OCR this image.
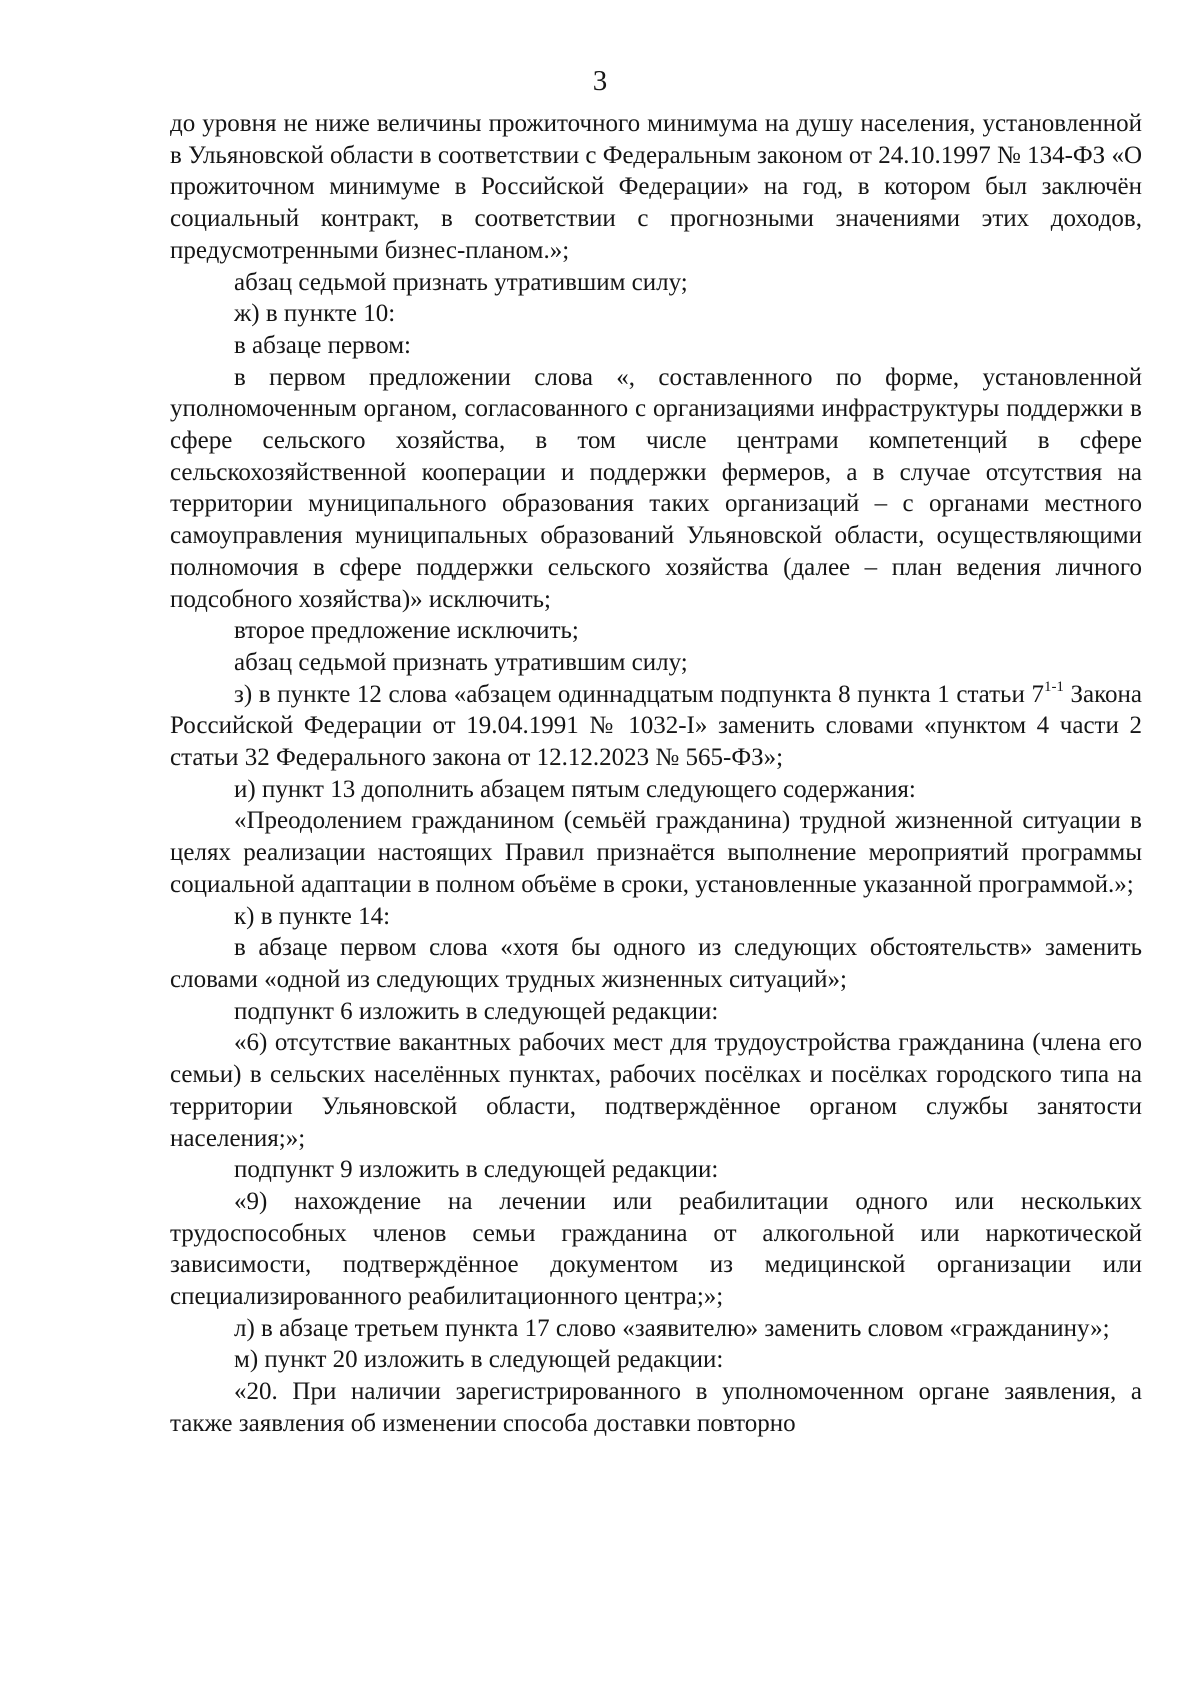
3

до уровня не ниже величины прожиточного минимума на душу населения, установленной в Ульяновской области в соответствии с Федеральным законом от 24.10.1997 № 134-ФЗ «О прожиточном минимуме в Российской Федерации» на год, в котором был заключён социальный контракт, в соответствии с прогнозными значениями этих доходов, предусмотренными бизнес-планом.»;

абзац седьмой признать утратившим силу;

ж) в пункте 10:

в абзаце первом:

в первом предложении слова «, составленного по форме, установленной уполномоченным органом, согласованного с организациями инфраструктуры поддержки в сфере сельского хозяйства, в том числе центрами компетенций в сфере сельскохозяйственной кооперации и поддержки фермеров, а в случае отсутствия на территории муниципального образования таких организаций – с органами местного самоуправления муниципальных образований Ульяновской области, осуществляющими полномочия в сфере поддержки сельского хозяйства (далее – план ведения личного подсобного хозяйства)» исключить;

второе предложение исключить;

абзац седьмой признать утратившим силу;

з) в пункте 12 слова «абзацем одиннадцатым подпункта 8 пункта 1 статьи 7$^{1-1}$ Закона Российской Федерации от 19.04.1991 № 1032-I» заменить словами «пунктом 4 части 2 статьи 32 Федерального закона от 12.12.2023 № 565-ФЗ»;

и) пункт 13 дополнить абзацем пятым следующего содержания:

«Преодолением гражданином (семьёй гражданина) трудной жизненной ситуации в целях реализации настоящих Правил признаётся выполнение мероприятий программы социальной адаптации в полном объёме в сроки, установленные указанной программой.»;

к) в пункте 14:

в абзаце первом слова «хотя бы одного из следующих обстоятельств» заменить словами «одной из следующих трудных жизненных ситуаций»;

подпункт 6 изложить в следующей редакции:

«6) отсутствие вакантных рабочих мест для трудоустройства гражданина (члена его семьи) в сельских населённых пунктах, рабочих посёлках и посёлках городского типа на территории Ульяновской области, подтверждённое органом службы занятости населения;»;

подпункт 9 изложить в следующей редакции:

«9) нахождение на лечении или реабилитации одного или нескольких трудоспособных членов семьи гражданина от алкогольной или наркотической зависимости, подтверждённое документом из медицинской организации или специализированного реабилитационного центра;»;

л) в абзаце третьем пункта 17 слово «заявителю» заменить словом «гражданину»;

м) пункт 20 изложить в следующей редакции:

«20. При наличии зарегистрированного в уполномоченном органе заявления, а также заявления об изменении способа доставки повторно
